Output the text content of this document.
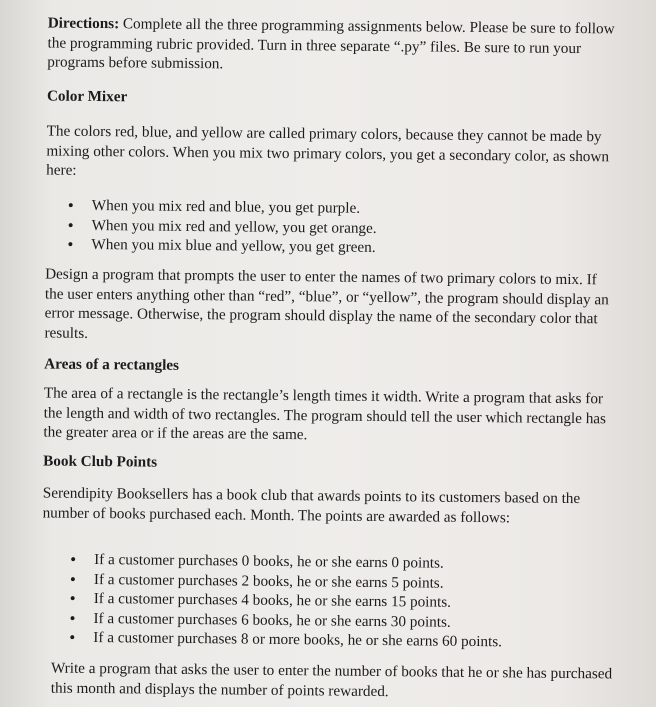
Directions: Complete all the three programming assignments below. Please be sure to follow the programming rubric provided. Turn in three separate “.py” files. Be sure to run your programs before submission.
Color Mixer
The colors red, blue, and yellow are called primary colors, because they cannot be made by mixing other colors. When you mix two primary colors, you get a secondary color, as shown here:
• When you mix red and blue, you get purple.
• When you mix red and yellow, you get orange.
• When you mix blue and yellow, you get green.
Design a program that prompts the user to enter the names of two primary colors to mix. If the user enters anything other than “red”, “blue”, or “yellow”, the program should display an error message. Otherwise, the program should display the name of the secondary color that results.
Areas of a rectangles
The area of a rectangle is the rectangle’s length times it width. Write a program that asks for the length and width of two rectangles. The program should tell the user which rectangle has the greater area or if the areas are the same.
Book Club Points
Serendipity Booksellers has a book club that awards points to its customers based on the number of books purchased each. Month. The points are awarded as follows:
• If a customer purchases 0 books, he or she earns 0 points.
• If a customer purchases 2 books, he or she earns 5 points.
• If a customer purchases 4 books, he or she earns 15 points.
• If a customer purchases 6 books, he or she earns 30 points.
• If a customer purchases 8 or more books, he or she earns 60 points.
Write a program that asks the user to enter the number of books that he or she has purchased this month and displays the number of points rewarded.
